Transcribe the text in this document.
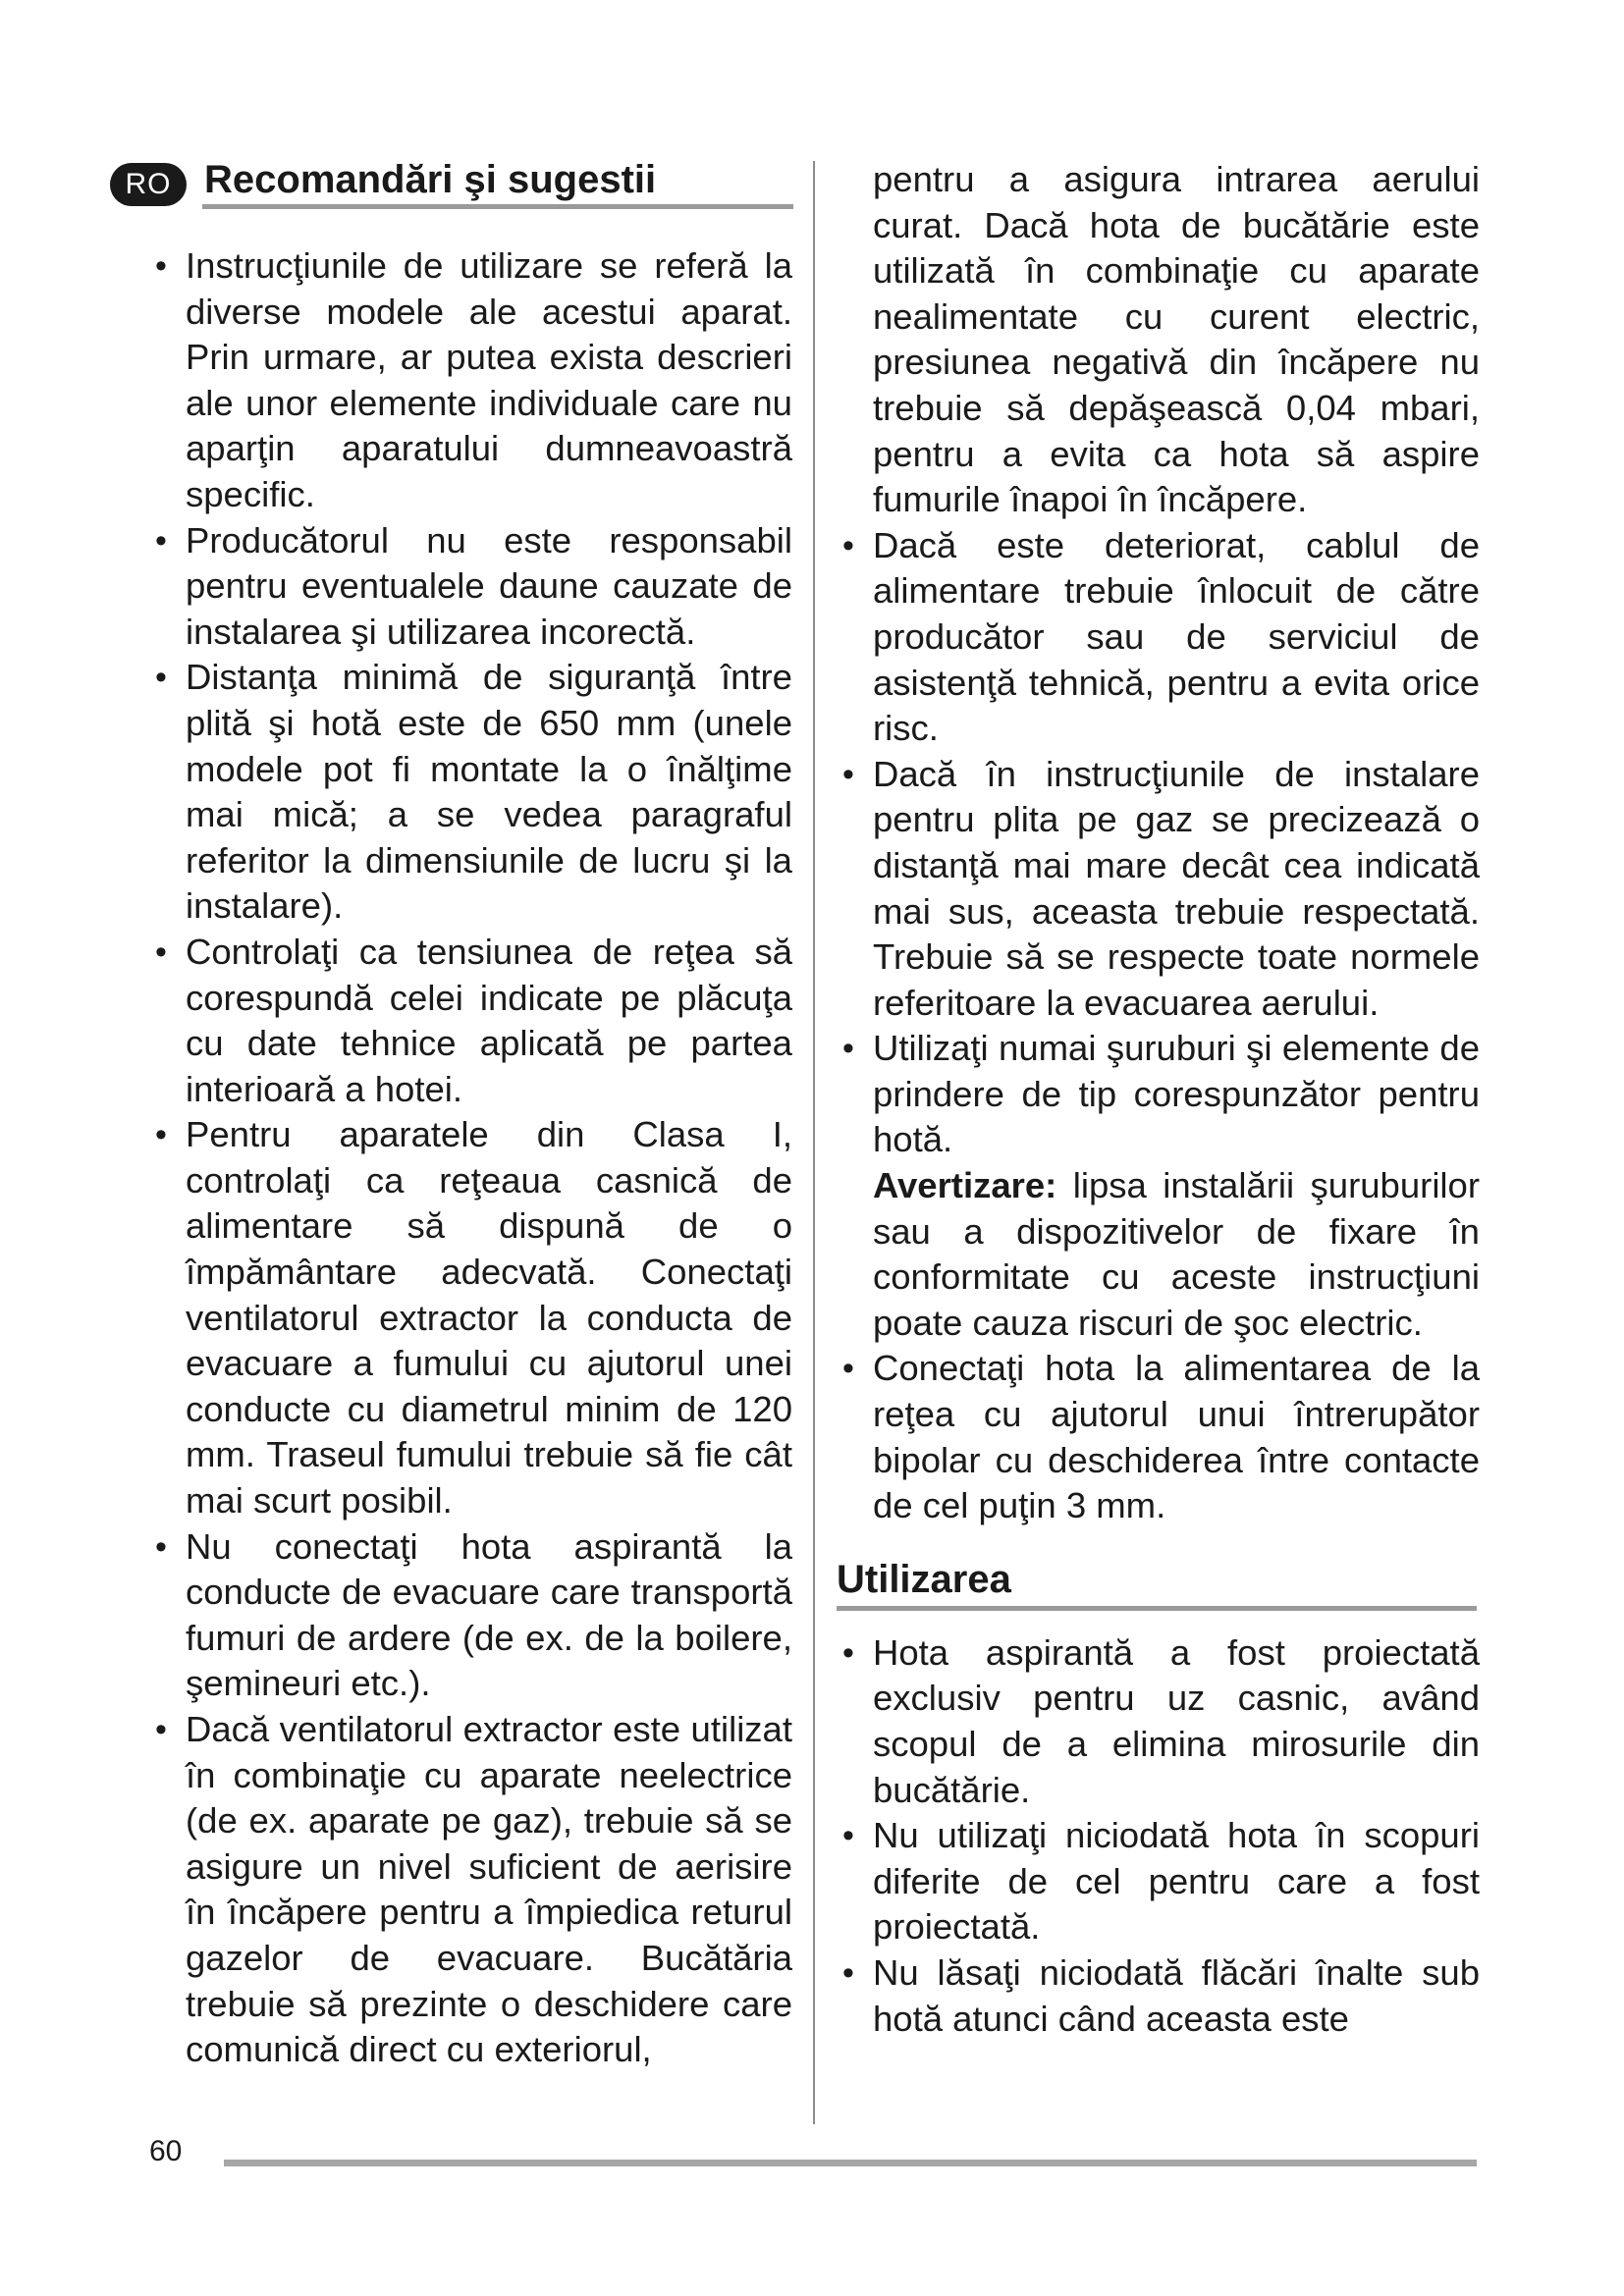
RO Recomandări şi sugestii
• Instrucţiunile de utilizare se referă la diverse modele ale acestui aparat. Prin urmare, ar putea exista descrieri ale unor elemente individuale care nu aparţin aparatului dumneavoastră specific.
• Producătorul nu este responsabil pentru eventualele daune cauzate de instalarea şi utilizarea incorectă.
• Distanţa minimă de siguranţă între plită şi hotă este de 650 mm (unele modele pot fi montate la o înălţime mai mică; a se vedea paragraful referitor la dimensiunile de lucru şi la instalare).
• Controlaţi ca tensiunea de reţea să corespundă celei indicate pe plăcuţa cu date tehnice aplicată pe partea interioară a hotei.
• Pentru aparatele din Clasa I, controlaţi ca reţeaua casnică de alimentare să dispună de o împământare adecvată. Conectaţi ventilatorul extractor la conducta de evacuare a fumului cu ajutorul unei conducte cu diametrul minim de 120 mm. Traseul fumului trebuie să fie cât mai scurt posibil.
• Nu conectaţi hota aspirantă la conducte de evacuare care transportă fumuri de ardere (de ex. de la boilere, şemineuri etc.).
• Dacă ventilatorul extractor este utilizat în combinaţie cu aparate neelectrice (de ex. aparate pe gaz), trebuie să se asigure un nivel suficient de aerisire în încăpere pentru a împiedica returul gazelor de evacuare. Bucătăria trebuie să prezinte o deschidere care comunică direct cu exteriorul,

pentru a asigura intrarea aerului curat. Dacă hota de bucătărie este utilizată în combinaţie cu aparate nealimentate cu curent electric, presiunea negativă din încăpere nu trebuie să depăşească 0,04 mbari, pentru a evita ca hota să aspire fumurile înapoi în încăpere.

• Dacă este deteriorat, cablul de alimentare trebuie înlocuit de către producător sau de serviciul de asistenţă tehnică, pentru a evita orice risc.
• Dacă în instrucţiunile de instalare pentru plita pe gaz se precizează o distanţă mai mare decât cea indicată mai sus, aceasta trebuie respectată. Trebuie să se respecte toate normele referitoare la evacuarea aerului.
• Utilizaţi numai şuruburi şi elemente de prindere de tip corespunzător pentru hotă.

Avertizare: lipsa instalării şuruburilor sau a dispozitivelor de fixare în conformitate cu aceste instrucţiuni poate cauza riscuri de şoc electric.

• Conectaţi hota la alimentarea de la reţea cu ajutorul unui întrerupător bipolar cu deschiderea între contacte de cel puţin 3 mm.
Utilizarea
• Hota aspirantă a fost proiectată exclusiv pentru uz casnic, având scopul de a elimina mirosurile din bucătărie.
• Nu utilizaţi niciodată hota în scopuri diferite de cel pentru care a fost proiectată.
• Nu lăsaţi niciodată flăcări înalte sub hotă atunci când aceasta este
60
